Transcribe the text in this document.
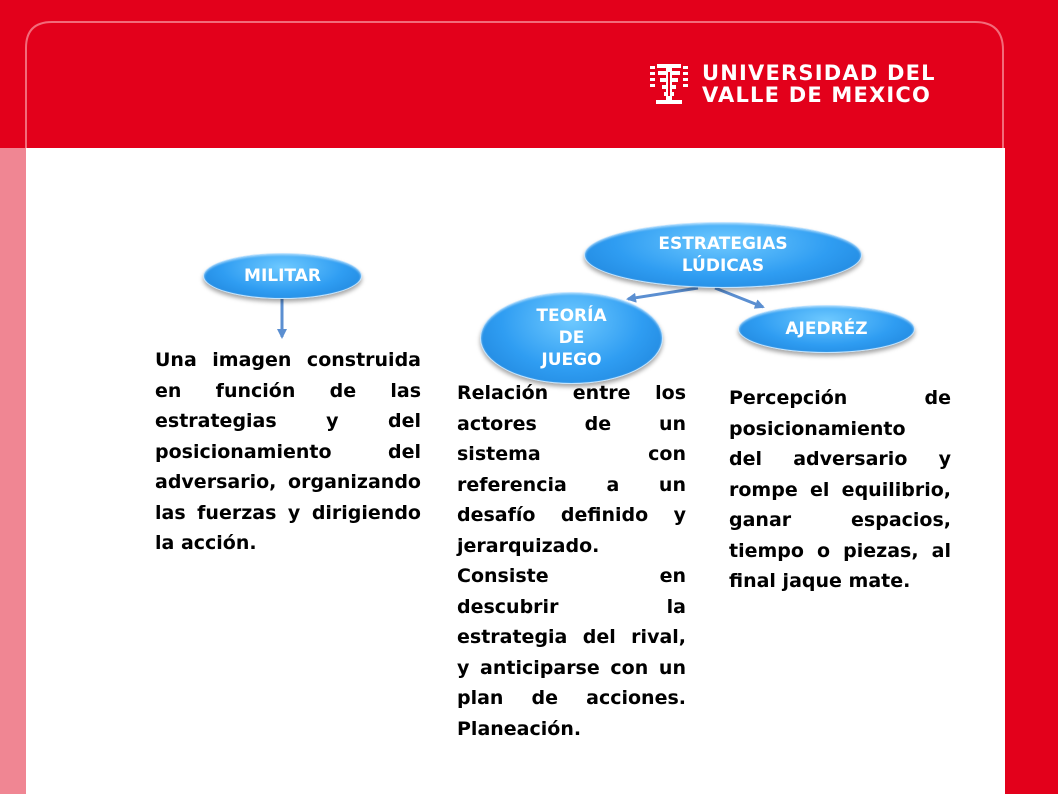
UNIVERSIDAD DEL
VALLE DE MEXICO
ESTRATEGIAS
LÚDICAS
MILITAR
TEORÍA
DE
JUEGO
AJEDRÉZ
Una imagen construida en función de las estrategias y del posicionamiento del adversario, organizando las fuerzas y dirigiendo la acción.
Relación entre los actores de un sistema con referencia a un desafío definido y jerarquizado.
Consiste en descubrir la estrategia del rival, y anticiparse con un plan de acciones. Planeación.
Percepción de posicionamiento
del adversario y rompe el equilibrio, ganar espacios, tiempo o piezas, al final jaque mate.
